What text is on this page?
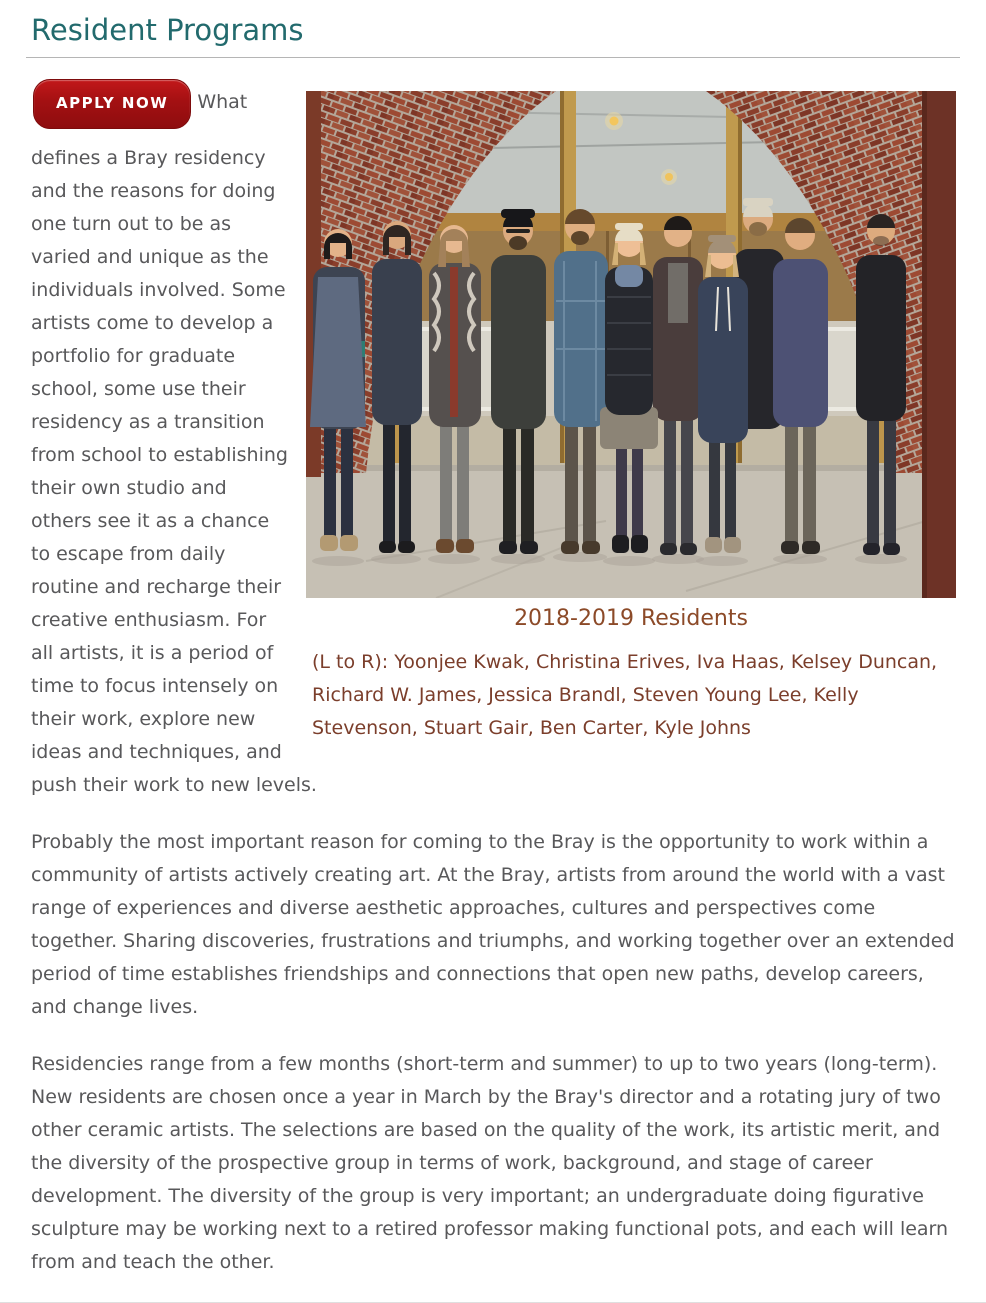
Resident Programs
2018-2019 Residents
(L to R): Yoonjee Kwak, Christina Erives, Iva Haas, Kelsey Duncan, Richard W. James, Jessica Brandl, Steven Young Lee, Kelly Stevenson, Stuart Gair, Ben Carter, Kyle Johns
APPLY NOW What defines a Bray residency and the reasons for doing one turn out to be as varied and unique as the individuals involved. Some artists come to develop a portfolio for graduate school, some use their residency as a transition from school to establishing their own studio and others see it as a chance to escape from daily routine and recharge their creative enthusiasm. For all artists, it is a period of time to focus intensely on their work, explore new ideas and techniques, and push their work to new levels.

Probably the most important reason for coming to the Bray is the opportunity to work within a community of artists actively creating art. At the Bray, artists from around the world with a vast range of experiences and diverse aesthetic approaches, cultures and perspectives come together. Sharing discoveries, frustrations and triumphs, and working together over an extended period of time establishes friendships and connections that open new paths, develop careers, and change lives.

Residencies range from a few months (short-term and summer) to up to two years (long-term). New residents are chosen once a year in March by the Bray's director and a rotating jury of two other ceramic artists. The selections are based on the quality of the work, its artistic merit, and the diversity of the prospective group in terms of work, background, and stage of career development. The diversity of the group is very important; an undergraduate doing figurative sculpture may be working next to a retired professor making functional pots, and each will learn from and teach the other.
